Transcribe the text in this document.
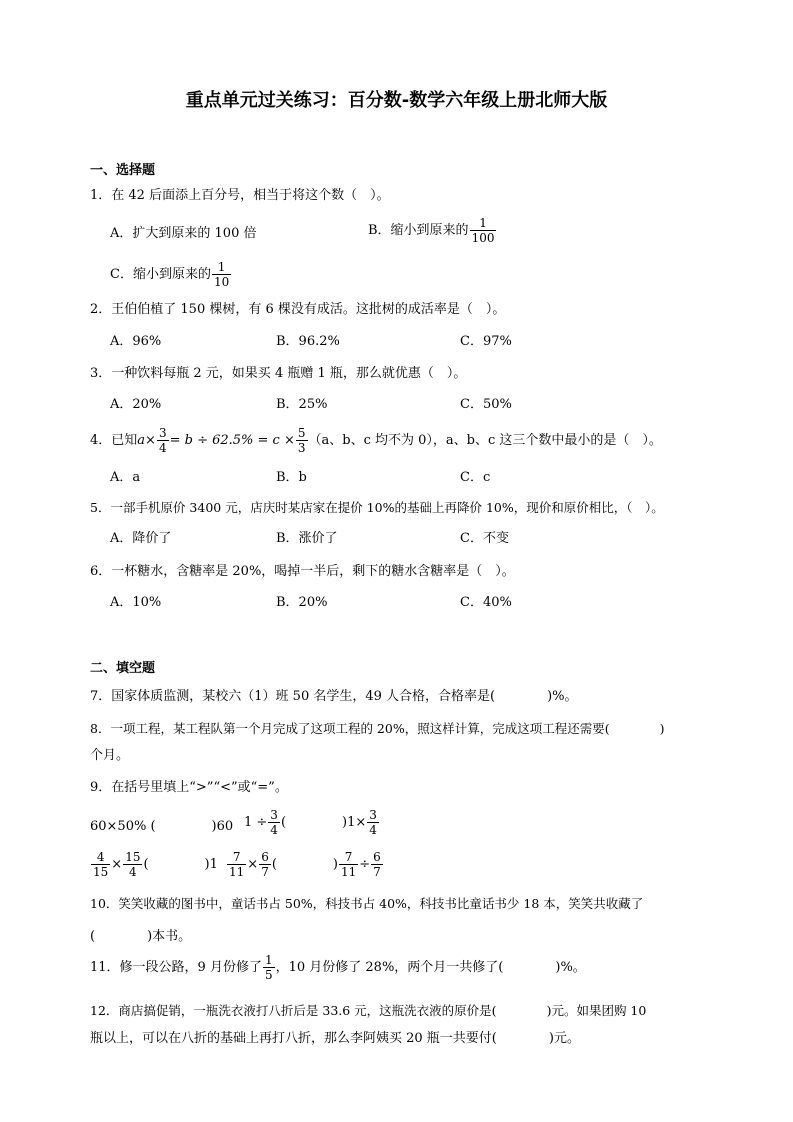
重点单元过关练习：百分数-数学六年级上册北师大版
一、选择题
1．在 42 后面添上百分号，相当于将这个数（　）。
A．扩大到原来的 100 倍	B．缩小到原来的 $\frac{1}{100}$
C．缩小到原来的 $\frac{1}{10}$
2．王伯伯植了 150 棵树，有 6 棵没有成活。这批树的成活率是（　）。
A．96%	B．96.2%	C．97%
3．一种饮料每瓶 2 元，如果买 4 瓶赠 1 瓶，那么就优惠（　）。
A．20%	B．25%	C．50%
4．已知$a\times \frac{3}{4} = b \div 62.5\% = c \times \frac{5}{3} (a$、b、c 均不为 0），a、b、c 这三个数中最小的是（　）。
A．a	B．b	C．c
5．一部手机原价 3400 元，店庆时某店家在提价 10%的基础上再降价 10%，现价和原价相比，（　）。
A．降价了	B．涨价了	C．不变
6．一杯糖水，含糖率是 20%，喝掉一半后，剩下的糖水含糖率是（　）。
A．10%	B．20%	C．40%
二、填空题
7．国家体质监测，某校六（1）班 50 名学生，49 人合格，合格率是(　　　　)%。
8．一项工程，某工程队第一个月完成了这项工程的 20%，照这样计算，完成这项工程还需要(　　　　)
个月。
9．在括号里填上“>”“<”或“=”。
60×50% (	)60 $1 \div \frac{3}{4}$ (	)$1\times \frac{3}{4}$
$\frac{4}{15} \times \frac{15}{4}$ (	)$1 \frac{7}{11} \times \frac{6}{7}$ (	) $\frac{7}{11} \div \frac{6}{7}$
10．笑笑收藏的图书中，童话书占 50%，科技书占 40%，科技书比童话书少 18 本，笑笑共收藏了
(　　　　)本书。
11．修一段公路，9 月份修了 $\frac{1}{5}$ ，10 月份修了 28%，两个月一共修了(　　　　)%。
12．商店搞促销，一瓶洗衣液打八折后是 33.6 元，这瓶洗衣液的原价是(　　　　)元。如果团购 10
瓶以上，可以在八折的基础上再打八折，那么李阿姨买 20 瓶一共要付(　　　　)元。
